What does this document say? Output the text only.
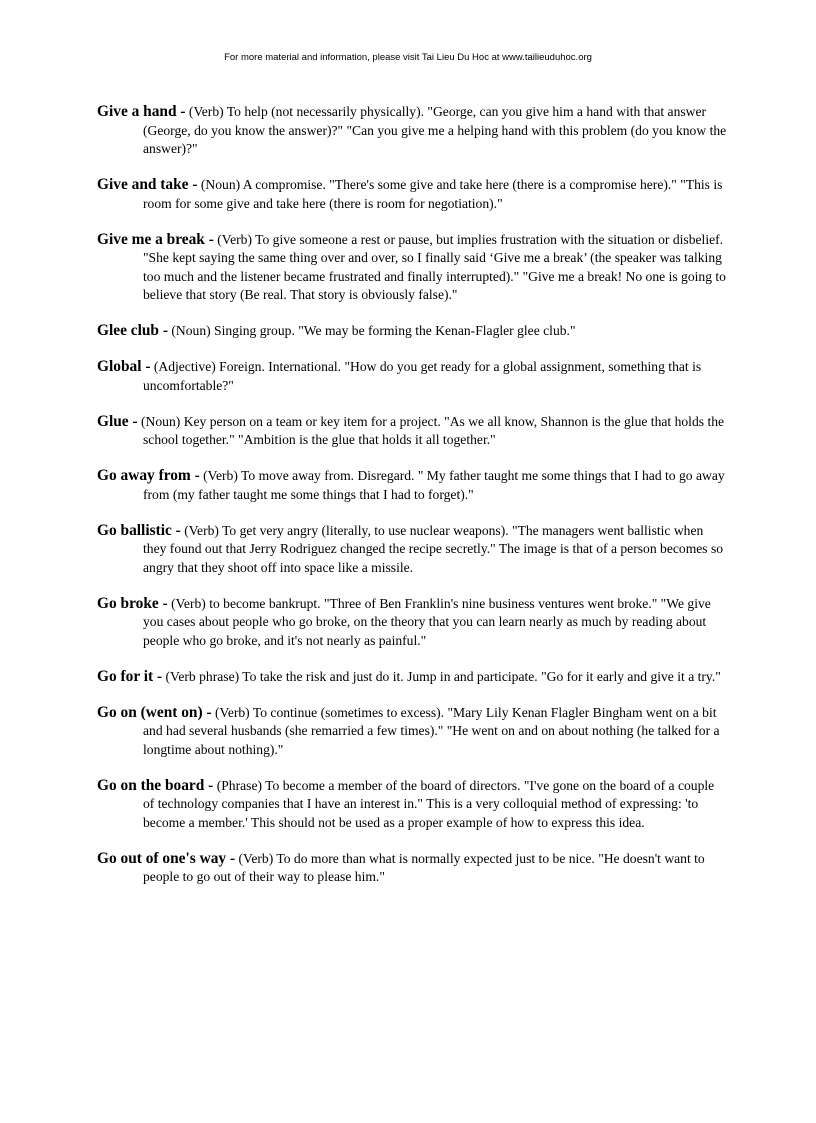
For more material and information, please visit Tai Lieu Du Hoc at www.tailieuduhoc.org

Give a hand - (Verb) To help (not necessarily physically). "George, can you give him a hand with that answer (George, do you know the answer)?" "Can you give me a helping hand with this problem (do you know the answer)?"

Give and take - (Noun) A compromise. "There's some give and take here (there is a compromise here)." "This is room for some give and take here (there is room for negotiation)."

Give me a break - (Verb) To give someone a rest or pause, but implies frustration with the situation or disbelief. "She kept saying the same thing over and over, so I finally said ‘Give me a break’ (the speaker was talking too much and the listener became frustrated and finally interrupted)." "Give me a break! No one is going to believe that story (Be real. That story is obviously false)."

Glee club - (Noun) Singing group. "We may be forming the Kenan-Flagler glee club."

Global - (Adjective) Foreign. International. "How do you get ready for a global assignment, something that is uncomfortable?"

Glue - (Noun) Key person on a team or key item for a project. "As we all know, Shannon is the glue that holds the school together." "Ambition is the glue that holds it all together."

Go away from - (Verb) To move away from. Disregard. " My father taught me some things that I had to go away from (my father taught me some things that I had to forget)."

Go ballistic - (Verb) To get very angry (literally, to use nuclear weapons). "The managers went ballistic when they found out that Jerry Rodriguez changed the recipe secretly." The image is that of a person becomes so angry that they shoot off into space like a missile.

Go broke - (Verb) to become bankrupt. "Three of Ben Franklin's nine business ventures went broke." "We give you cases about people who go broke, on the theory that you can learn nearly as much by reading about people who go broke, and it's not nearly as painful."

Go for it - (Verb phrase) To take the risk and just do it. Jump in and participate. "Go for it early and give it a try."

Go on (went on) - (Verb) To continue (sometimes to excess). "Mary Lily Kenan Flagler Bingham went on a bit and had several husbands (she remarried a few times)." "He went on and on about nothing (he talked for a longtime about nothing)."

Go on the board - (Phrase) To become a member of the board of directors. "I've gone on the board of a couple of technology companies that I have an interest in." This is a very colloquial method of expressing: 'to become a member.' This should not be used as a proper example of how to express this idea.

Go out of one's way - (Verb) To do more than what is normally expected just to be nice. "He doesn't want to people to go out of their way to please him."
